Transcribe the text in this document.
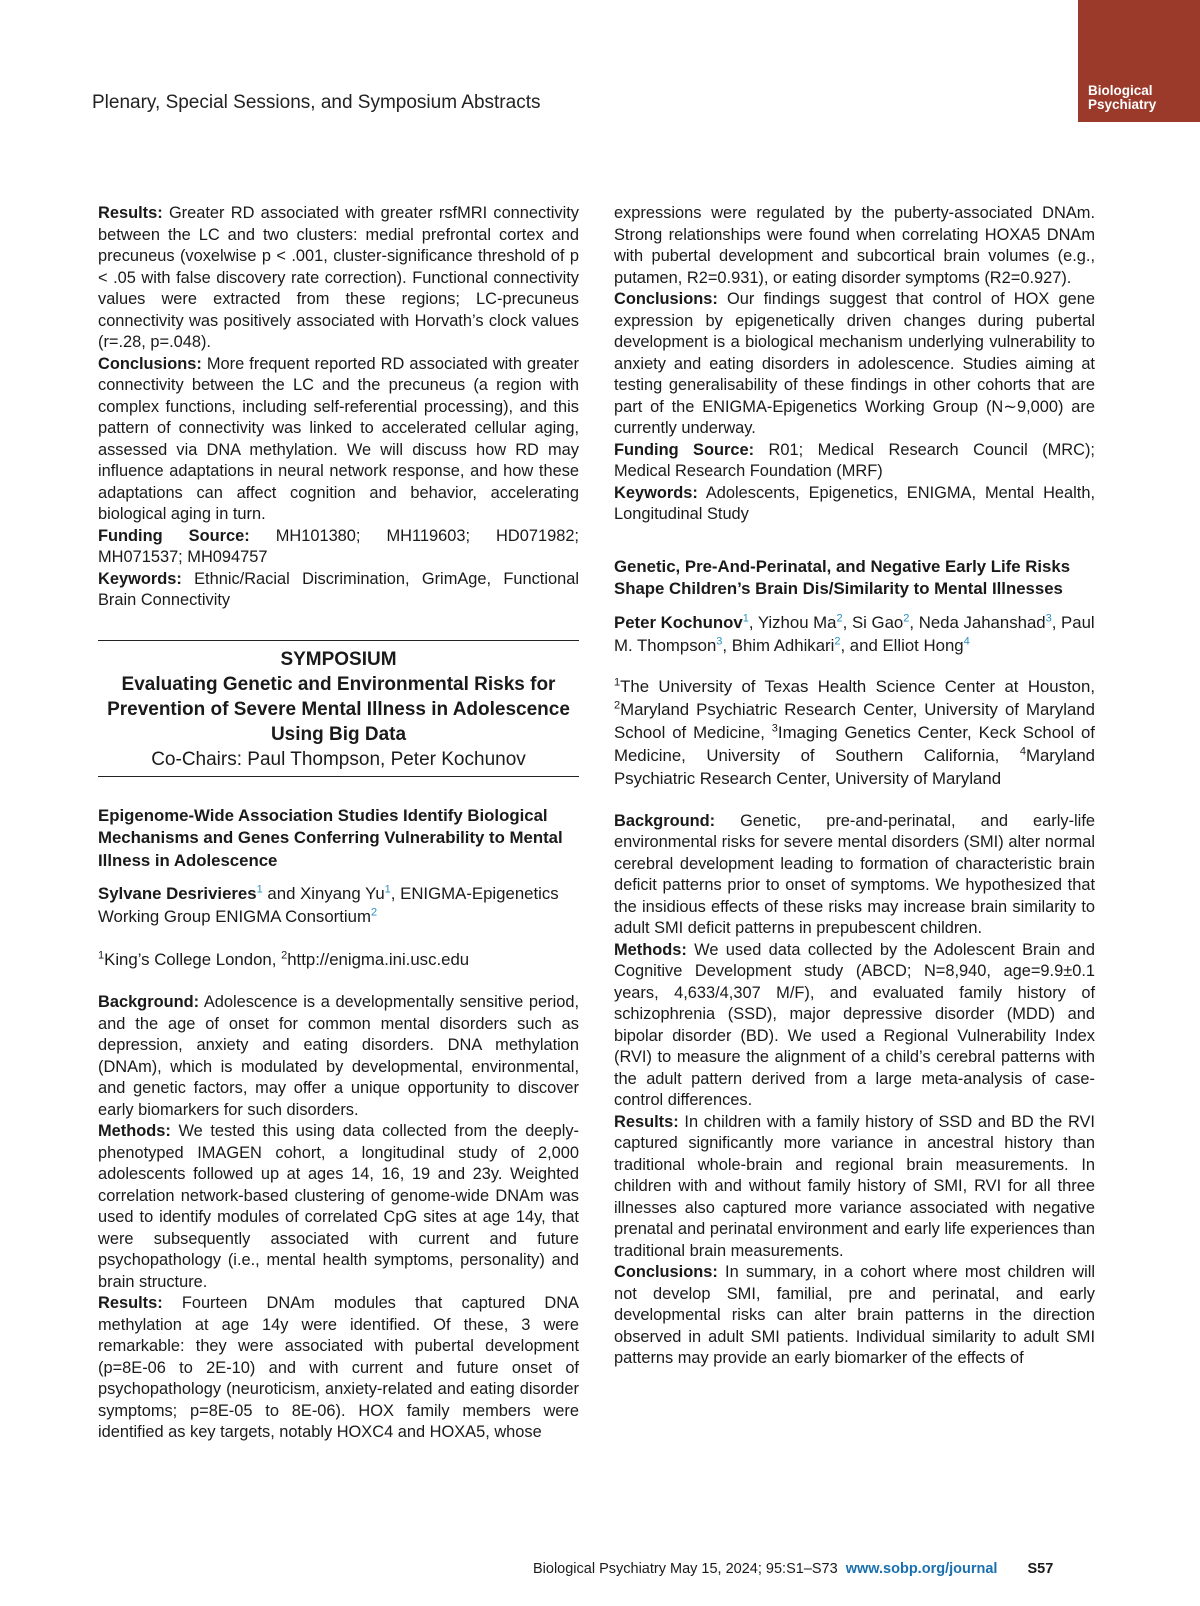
Biological
Psychiatry
Plenary, Special Sessions, and Symposium Abstracts

Results: Greater RD associated with greater rsfMRI connectivity between the LC and two clusters: medial prefrontal cortex and precuneus (voxelwise p < .001, cluster-significance threshold of p < .05 with false discovery rate correction). Functional connectivity values were extracted from these regions; LC-precuneus connectivity was positively associated with Horvath’s clock values (r=.28, p=.048).

Conclusions: More frequent reported RD associated with greater connectivity between the LC and the precuneus (a region with complex functions, including self-referential processing), and this pattern of connectivity was linked to accelerated cellular aging, assessed via DNA methylation. We will discuss how RD may influence adaptations in neural network response, and how these adaptations can affect cognition and behavior, accelerating biological aging in turn.

Funding Source: MH101380; MH119603; HD071982; MH071537; MH094757

Keywords: Ethnic/Racial Discrimination, GrimAge, Functional Brain Connectivity

SYMPOSIUM
Evaluating Genetic and Environmental Risks for Prevention of Severe Mental Illness in Adolescence Using Big Data
Co-Chairs: Paul Thompson, Peter Kochunov
Epigenome-Wide Association Studies Identify Biological Mechanisms and Genes Conferring Vulnerability to Mental Illness in Adolescence
Sylvane Desrivieres$^1$ and Xinyang Yu$^1$, ENIGMA-Epigenetics Working Group ENIGMA Consortium$^2$
$^1$King’s College London, $^2$http://enigma.ini.usc.edu

Background: Adolescence is a developmentally sensitive period, and the age of onset for common mental disorders such as depression, anxiety and eating disorders. DNA methylation (DNAm), which is modulated by developmental, environmental, and genetic factors, may offer a unique opportunity to discover early biomarkers for such disorders.

Methods: We tested this using data collected from the deeply-phenotyped IMAGEN cohort, a longitudinal study of 2,000 adolescents followed up at ages 14, 16, 19 and 23y. Weighted correlation network-based clustering of genome-wide DNAm was used to identify modules of correlated CpG sites at age 14y, that were subsequently associated with current and future psychopathology (i.e., mental health symptoms, personality) and brain structure.

Results: Fourteen DNAm modules that captured DNA methylation at age 14y were identified. Of these, 3 were remarkable: they were associated with pubertal development (p=8E-06 to 2E-10) and with current and future onset of psychopathology (neuroticism, anxiety-related and eating disorder symptoms; p=8E-05 to 8E-06). HOX family members were identified as key targets, notably HOXC4 and HOXA5, whose

expressions were regulated by the puberty-associated DNAm. Strong relationships were found when correlating HOXA5 DNAm with pubertal development and subcortical brain volumes (e.g., putamen, R2=0.931), or eating disorder symptoms (R2=0.927).

Conclusions: Our findings suggest that control of HOX gene expression by epigenetically driven changes during pubertal development is a biological mechanism underlying vulnerability to anxiety and eating disorders in adolescence. Studies aiming at testing generalisability of these findings in other cohorts that are part of the ENIGMA-Epigenetics Working Group (N∼9,000) are currently underway.

Funding Source: R01; Medical Research Council (MRC); Medical Research Foundation (MRF)

Keywords: Adolescents, Epigenetics, ENIGMA, Mental Health, Longitudinal Study

Genetic, Pre-And-Perinatal, and Negative Early Life Risks Shape Children’s Brain Dis/Similarity to Mental Illnesses
Peter Kochunov$^1$, Yizhou Ma$^2$, Si Gao$^2$, Neda Jahanshad$^3$, Paul M. Thompson$^3$, Bhim Adhikari$^2$, and Elliot Hong$^4$
$^1$The University of Texas Health Science Center at Houston, $^2$Maryland Psychiatric Research Center, University of Maryland School of Medicine, $^3$Imaging Genetics Center, Keck School of Medicine, University of Southern California, $^4$Maryland Psychiatric Research Center, University of Maryland

Background: Genetic, pre-and-perinatal, and early-life environmental risks for severe mental disorders (SMI) alter normal cerebral development leading to formation of characteristic brain deficit patterns prior to onset of symptoms. We hypothesized that the insidious effects of these risks may increase brain similarity to adult SMI deficit patterns in prepubescent children.

Methods: We used data collected by the Adolescent Brain and Cognitive Development study (ABCD; N=8,940, age=9.9±0.1 years, 4,633/4,307 M/F), and evaluated family history of schizophrenia (SSD), major depressive disorder (MDD) and bipolar disorder (BD). We used a Regional Vulnerability Index (RVI) to measure the alignment of a child’s cerebral patterns with the adult pattern derived from a large meta-analysis of case-control differences.

Results: In children with a family history of SSD and BD the RVI captured significantly more variance in ancestral history than traditional whole-brain and regional brain measurements. In children with and without family history of SMI, RVI for all three illnesses also captured more variance associated with negative prenatal and perinatal environment and early life experiences than traditional brain measurements.

Conclusions: In summary, in a cohort where most children will not develop SMI, familial, pre and perinatal, and early developmental risks can alter brain patterns in the direction observed in adult SMI patients. Individual similarity to adult SMI patterns may provide an early biomarker of the effects of

Biological Psychiatry May 15, 2024; 95:S1–S73 www.sobp.org/journal S57
